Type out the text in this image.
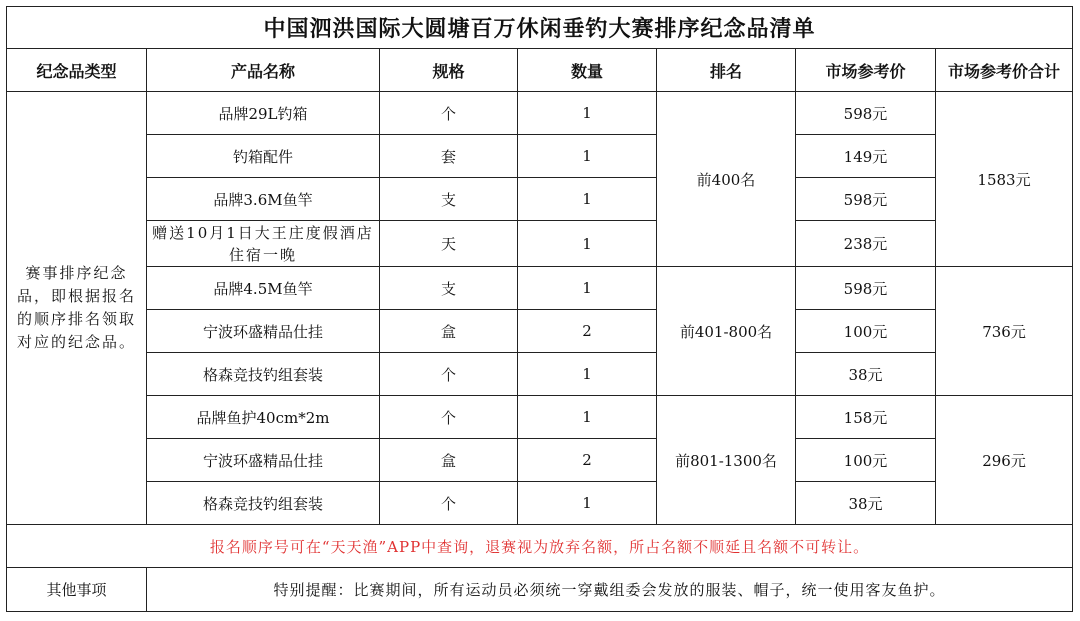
中国泗洪国际大圆塘百万休闲垂钓大赛排序纪念品清单						
纪念品类型	产品名称	规格	数量	排名	市场参考价	市场参考价合计
赛事排序纪念品，即根据报名的顺序排名领取对应的纪念品。	品牌29L钓箱	个	1	前400名	598元	1583元
	钓箱配件	套	1		149元	
	品牌3.6M鱼竿	支	1		598元	
	赠送10月1日大王庄度假酒店住宿一晚	天	1		238元	
	品牌4.5M鱼竿	支	1	前401-800名	598元	736元
	宁波环盛精品仕挂	盒	2		100元	
	格森竞技钓组套装	个	1		38元	
	品牌鱼护40cm*2m	个	1	前801-1300名	158元	296元
	宁波环盛精品仕挂	盒	2		100元	
	格森竞技钓组套装	个	1		38元	
报名顺序号可在“天天渔”APP中查询，退赛视为放弃名额，所占名额不顺延且名额不可转让。						
其他事项	特别提醒：比赛期间，所有运动员必须统一穿戴组委会发放的服装、帽子，统一使用客友鱼护。					
